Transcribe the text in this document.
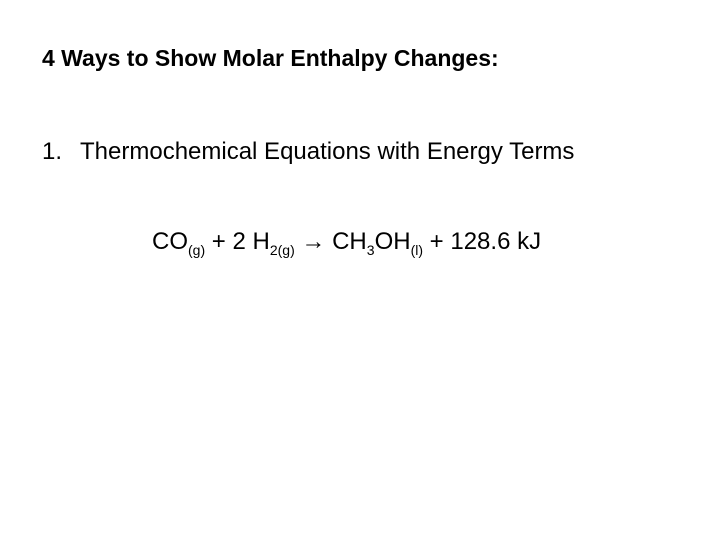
4 Ways to Show Molar Enthalpy Changes:
1. Thermochemical Equations with Energy Terms
$CO_{(g)} + 2$ $H_{2(g)} \to CH_3OH_{(l)} + 128.6$ kJ
